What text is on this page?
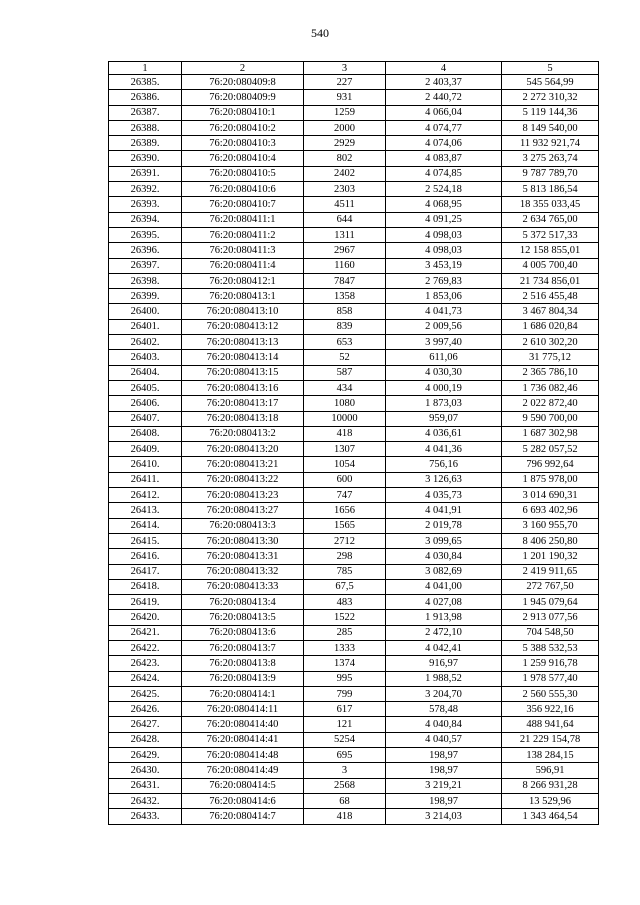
540
1	2	3	4	5
26385.	76:20:080409:8	227	2 403,37	545 564,99
26386.	76:20:080409:9	931	2 440,72	2 272 310,32
26387.	76:20:080410:1	1259	4 066,04	5 119 144,36
26388.	76:20:080410:2	2000	4 074,77	8 149 540,00
26389.	76:20:080410:3	2929	4 074,06	11 932 921,74
26390.	76:20:080410:4	802	4 083,87	3 275 263,74
26391.	76:20:080410:5	2402	4 074,85	9 787 789,70
26392.	76:20:080410:6	2303	2 524,18	5 813 186,54
26393.	76:20:080410:7	4511	4 068,95	18 355 033,45
26394.	76:20:080411:1	644	4 091,25	2 634 765,00
26395.	76:20:080411:2	1311	4 098,03	5 372 517,33
26396.	76:20:080411:3	2967	4 098,03	12 158 855,01
26397.	76:20:080411:4	1160	3 453,19	4 005 700,40
26398.	76:20:080412:1	7847	2 769,83	21 734 856,01
26399.	76:20:080413:1	1358	1 853,06	2 516 455,48
26400.	76:20:080413:10	858	4 041,73	3 467 804,34
26401.	76:20:080413:12	839	2 009,56	1 686 020,84
26402.	76:20:080413:13	653	3 997,40	2 610 302,20
26403.	76:20:080413:14	52	611,06	31 775,12
26404.	76:20:080413:15	587	4 030,30	2 365 786,10
26405.	76:20:080413:16	434	4 000,19	1 736 082,46
26406.	76:20:080413:17	1080	1 873,03	2 022 872,40
26407.	76:20:080413:18	10000	959,07	9 590 700,00
26408.	76:20:080413:2	418	4 036,61	1 687 302,98
26409.	76:20:080413:20	1307	4 041,36	5 282 057,52
26410.	76:20:080413:21	1054	756,16	796 992,64
26411.	76:20:080413:22	600	3 126,63	1 875 978,00
26412.	76:20:080413:23	747	4 035,73	3 014 690,31
26413.	76:20:080413:27	1656	4 041,91	6 693 402,96
26414.	76:20:080413:3	1565	2 019,78	3 160 955,70
26415.	76:20:080413:30	2712	3 099,65	8 406 250,80
26416.	76:20:080413:31	298	4 030,84	1 201 190,32
26417.	76:20:080413:32	785	3 082,69	2 419 911,65
26418.	76:20:080413:33	67,5	4 041,00	272 767,50
26419.	76:20:080413:4	483	4 027,08	1 945 079,64
26420.	76:20:080413:5	1522	1 913,98	2 913 077,56
26421.	76:20:080413:6	285	2 472,10	704 548,50
26422.	76:20:080413:7	1333	4 042,41	5 388 532,53
26423.	76:20:080413:8	1374	916,97	1 259 916,78
26424.	76:20:080413:9	995	1 988,52	1 978 577,40
26425.	76:20:080414:1	799	3 204,70	2 560 555,30
26426.	76:20:080414:11	617	578,48	356 922,16
26427.	76:20:080414:40	121	4 040,84	488 941,64
26428.	76:20:080414:41	5254	4 040,57	21 229 154,78
26429.	76:20:080414:48	695	198,97	138 284,15
26430.	76:20:080414:49	3	198,97	596,91
26431.	76:20:080414:5	2568	3 219,21	8 266 931,28
26432.	76:20:080414:6	68	198,97	13 529,96
26433.	76:20:080414:7	418	3 214,03	1 343 464,54
